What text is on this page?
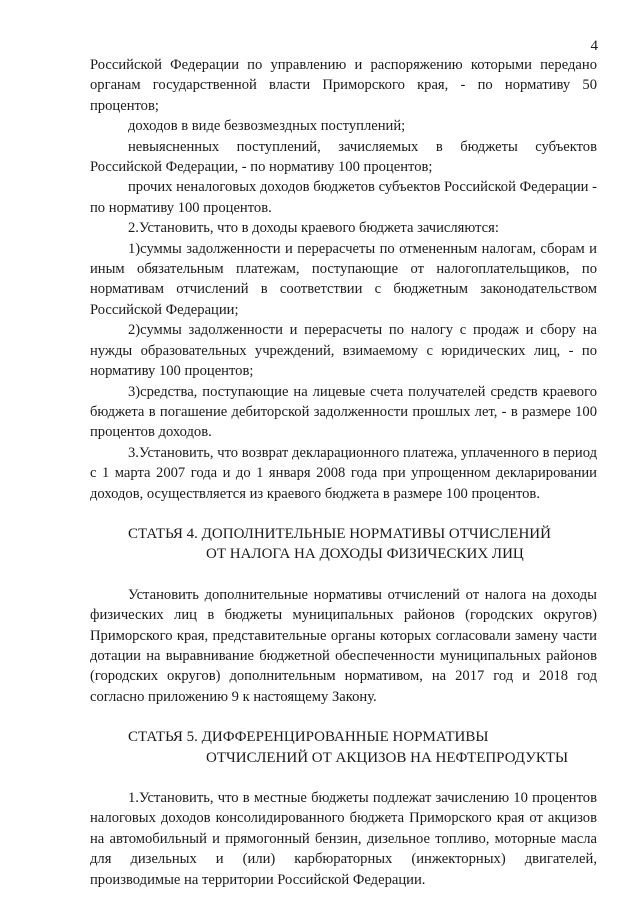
4

Российской Федерации по управлению и распоряжению которыми передано органам государственной власти Приморского края, - по нормативу 50 процентов;

доходов в виде безвозмездных поступлений;

невыясненных поступлений, зачисляемых в бюджеты субъектов Российской Федерации, - по нормативу 100 процентов;

прочих неналоговых доходов бюджетов субъектов Российской Федерации - по нормативу 100 процентов.

2.Установить, что в доходы краевого бюджета зачисляются:

1)суммы задолженности и перерасчеты по отмененным налогам, сборам и иным обязательным платежам, поступающие от налогоплательщиков, по нормативам отчислений в соответствии с бюджетным законодательством Российской Федерации;

2)суммы задолженности и перерасчеты по налогу с продаж и сбору на нужды образовательных учреждений, взимаемому с юридических лиц, - по нормативу 100 процентов;

3)средства, поступающие на лицевые счета получателей средств краевого бюджета в погашение дебиторской задолженности прошлых лет, - в размере 100 процентов доходов.

3.Установить, что возврат декларационного платежа, уплаченного в период с 1 марта 2007 года и до 1 января 2008 года при упрощенном декларировании доходов, осуществляется из краевого бюджета в размере 100 процентов.

СТАТЬЯ 4. ДОПОЛНИТЕЛЬНЫЕ НОРМАТИВЫ ОТЧИСЛЕНИЙ
ОТ НАЛОГА НА ДОХОДЫ ФИЗИЧЕСКИХ ЛИЦ

Установить дополнительные нормативы отчислений от налога на доходы физических лиц в бюджеты муниципальных районов (городских округов) Приморского края, представительные органы которых согласовали замену части дотации на выравнивание бюджетной обеспеченности муниципальных районов (городских округов) дополнительным нормативом, на 2017 год и 2018 год согласно приложению 9 к настоящему Закону.

СТАТЬЯ 5. ДИФФЕРЕНЦИРОВАННЫЕ НОРМАТИВЫ
ОТЧИСЛЕНИЙ ОТ АКЦИЗОВ НА НЕФТЕПРОДУКТЫ

1.Установить, что в местные бюджеты подлежат зачислению 10 процентов налоговых доходов консолидированного бюджета Приморского края от акцизов на автомобильный и прямогонный бензин, дизельное топливо, моторные масла для дизельных и (или) карбюраторных (инжекторных) двигателей, производимые на территории Российской Федерации.
